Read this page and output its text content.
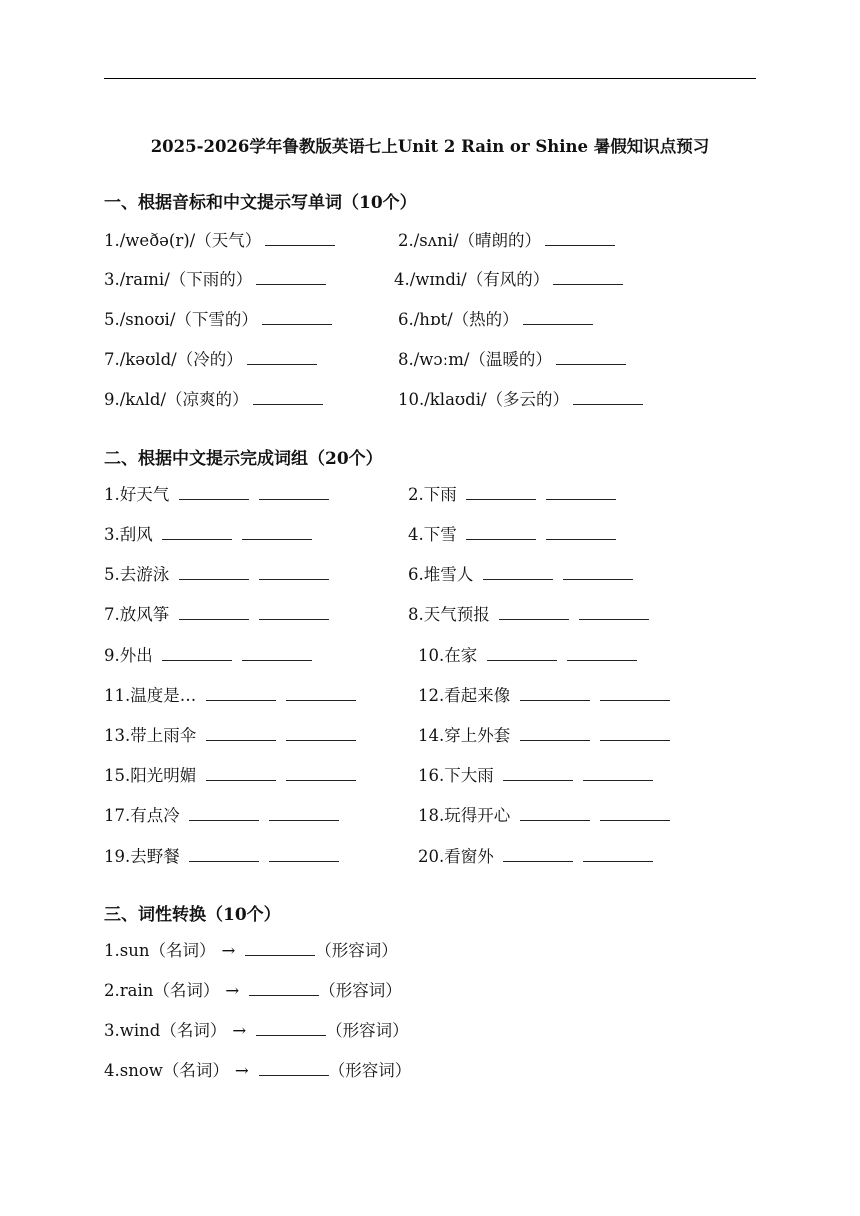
2025-2026学年鲁教版英语七上Unit 2 Rain or Shine 暑假知识点预习
一、根据音标和中文提示写单词（10个）
1./weðə(r)/（天气）	2./sʌni/（晴朗的）
3./raɪni/（下雨的）	4./wɪndi/（有风的）
5./snoʊi/（下雪的）	6./hɒt/（热的）
7./kəʊld/（冷的）	8./wɔːm/（温暖的）
9./kʌld/（凉爽的）	10./klaʊdi/（多云的）
二、根据中文提示完成词组（20个）
1.好天气	2.下雨
3.刮风	4.下雪
5.去游泳	6.堆雪人
7.放风筝	8.天气预报
9.外出	10.在家
11.温度是…	12.看起来像
13.带上雨伞	14.穿上外套
15.阳光明媚	16.下大雨
17.有点冷	18.玩得开心
19.去野餐	20.看窗外
三、词性转换（10个）
1.sun（名词） →	（形容词）
2.rain（名词） →	（形容词）
3.wind（名词） →	（形容词）
4.snow（名词） →	（形容词）
